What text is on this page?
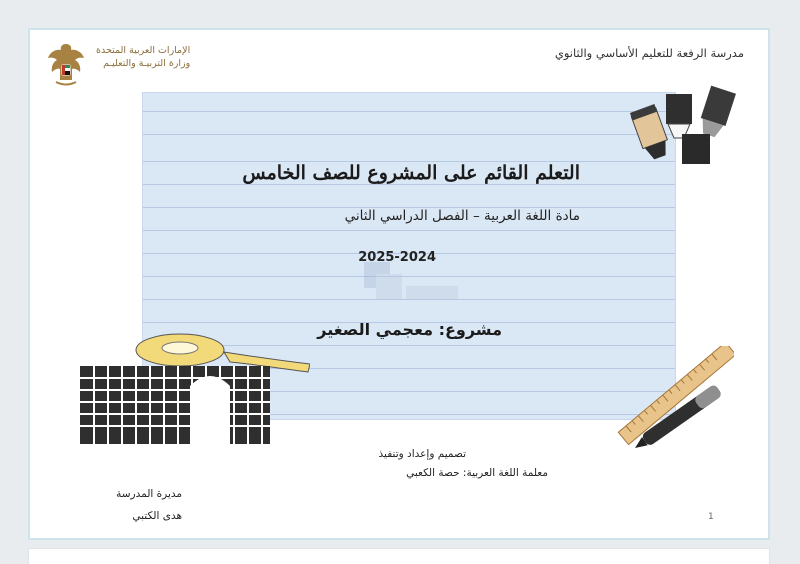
الإمارات العربية المتحدة
وزارة التربيـة والتعليـم
مدرسة الرفعة للتعليم الأساسي والثانوي
التعلم القائم على المشروع للصف الخامس
مادة اللغة العربية – الفصل الدراسي الثاني
2025-2024
مشروع: معجمي الصغير
تصميم وإعداد وتنفيذ
معلمة اللغة العربية: حصة الكعبي
مديرة المدرسة
هدى الكتبي	1
